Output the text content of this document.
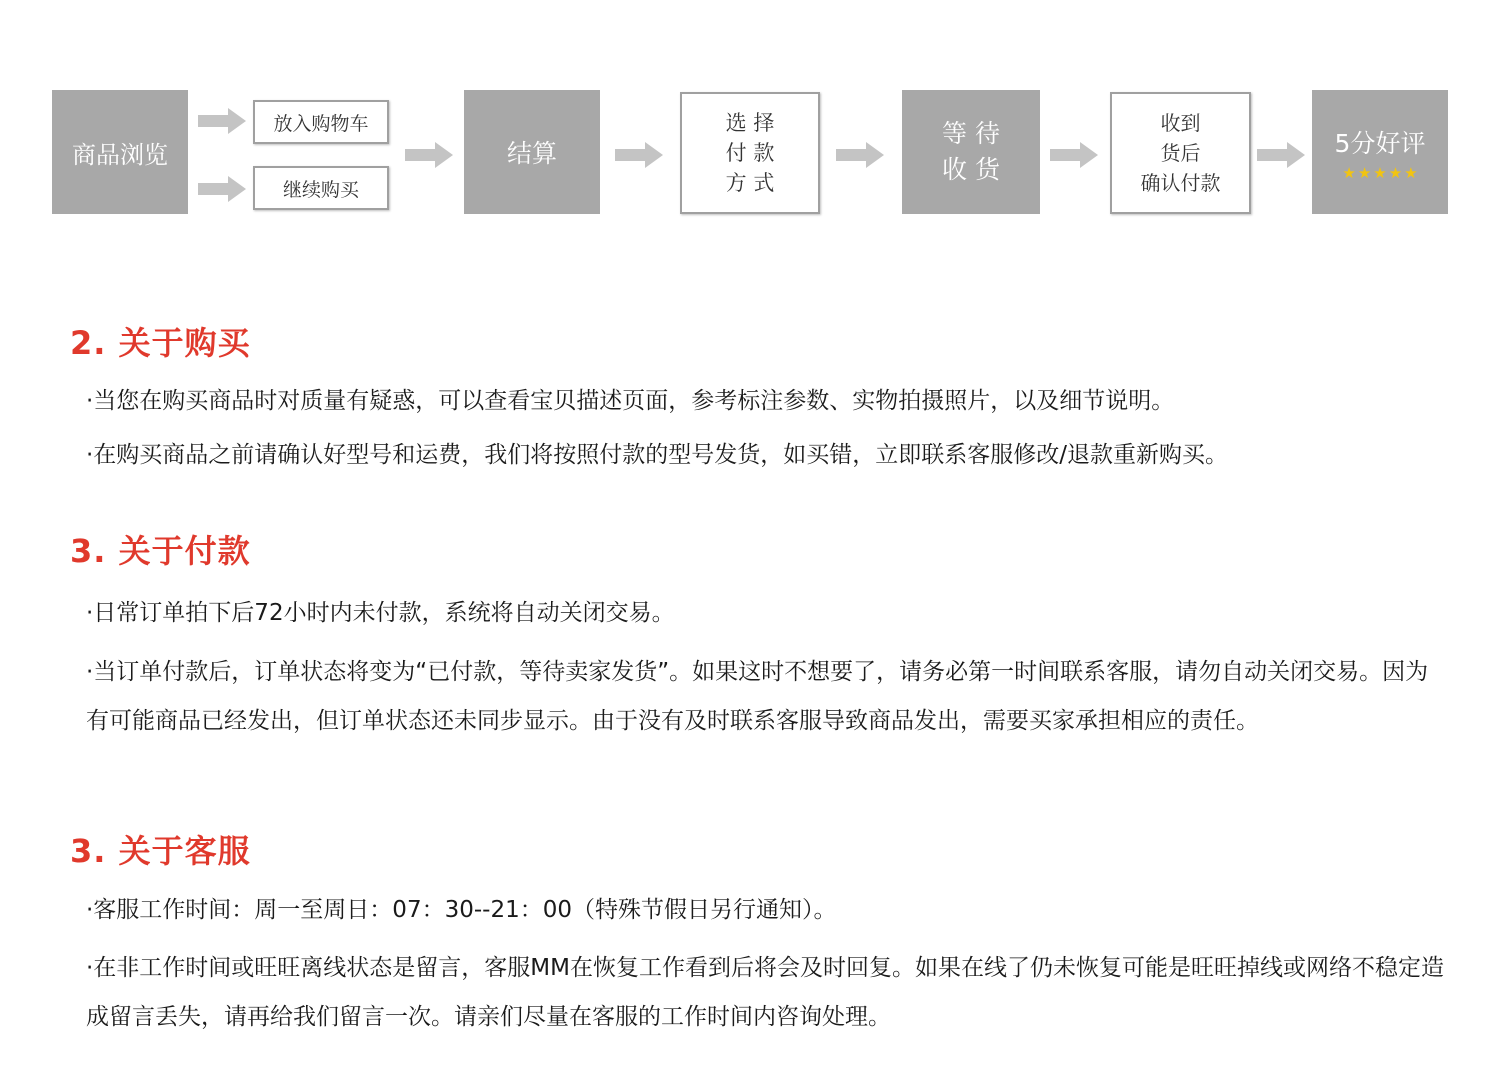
商品浏览
放入购物车
继续购买
结算
选 择
付 款
方 式
等 待
收 货
收到
货后
确认付款
5分好评
★ ★ ★ ★ ★
2. 关于购买

·当您在购买商品时对质量有疑惑，可以查看宝贝描述页面，参考标注参数、实物拍摄照片，以及细节说明。

·在购买商品之前请确认好型号和运费，我们将按照付款的型号发货，如买错，立即联系客服修改/退款重新购买。

3. 关于付款

·日常订单拍下后72小时内未付款，系统将自动关闭交易。

·当订单付款后，订单状态将变为“已付款，等待卖家发货”。如果这时不想要了，请务必第一时间联系客服，请勿自动关闭交易。因为有可能商品已经发出，但订单状态还未同步显示。由于没有及时联系客服导致商品发出，需要买家承担相应的责任。

3. 关于客服

·客服工作时间：周一至周日：07：30--21：00（特殊节假日另行通知）。

·在非工作时间或旺旺离线状态是留言，客服MM在恢复工作看到后将会及时回复。如果在线了仍未恢复可能是旺旺掉线或网络不稳定造成留言丢失，请再给我们留言一次。请亲们尽量在客服的工作时间内咨询处理。
